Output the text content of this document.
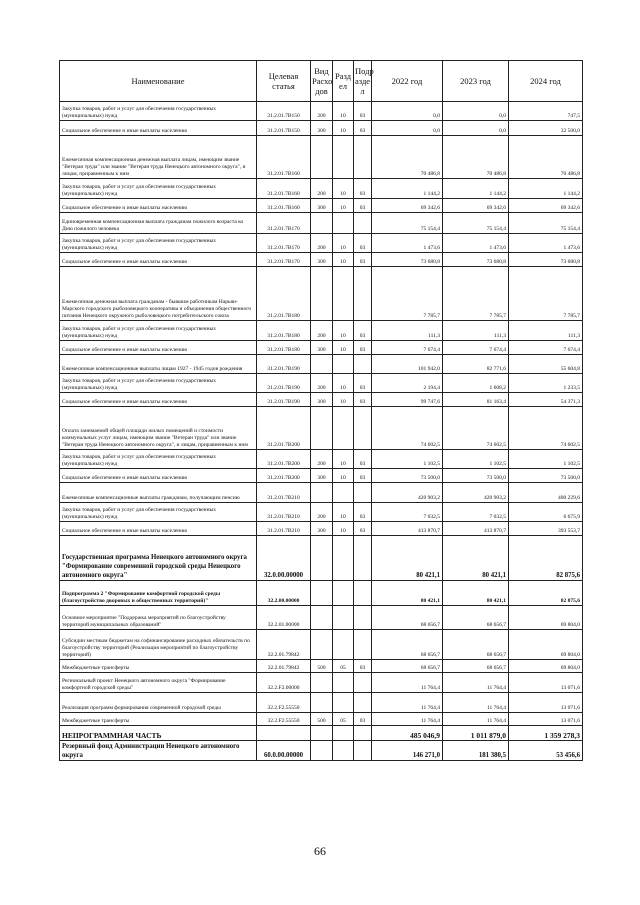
Наименование	Целевая статья	Вид Расхо дов	Разд ел	Подр азде л	2022 год	2023 год	2024 год
Закупка товаров, работ и услуг для обеспечения государственных (муниципальных) нужд	31.2.01.7В150	200	10	03	0,0	0,0	747,5
Социальное обеспечение и иные выплаты населению	31.2.01.7В150	300	10	03	0,0	0,0	32 500,0
Ежемесячная компенсационная денежная выплата лицам, имеющим звание "Ветеран труда" или звание "Ветеран труда Ненецкого автономного округа", и лицам, приравненным к ним	31.2.01.7В160				70 486,8	70 486,8	70 486,8
Закупка товаров, работ и услуг для обеспечения государственных (муниципальных) нужд	31.2.01.7В160	200	10	03	1 144,2	1 144,2	1 144,2
Социальное обеспечение и иные выплаты населению	31.2.01.7В160	300	10	03	69 342,6	69 342,6	69 342,6
Единовременная компенсационная выплата гражданам пожилого возраста ко Дню пожилого человека	31.2.01.7В170				75 154,4	75 154,4	75 154,4
Закупка товаров, работ и услуг для обеспечения государственных (муниципальных) нужд	31.2.01.7В170	200	10	03	1 473,6	1 473,6	1 473,6
Социальное обеспечение и иные выплаты населению	31.2.01.7В170	300	10	03	73 680,8	73 680,8	73 680,8
Ежемесячная денежная выплата гражданам - бывшим работникам Нарьян-Марского городского рыболовецкого кооператива и объединения общественного питания Ненецкого окружного рыболовецкого потребительского союза	31.2.01.7В180				7 785,7	7 785,7	7 785,7
Закупка товаров, работ и услуг для обеспечения государственных (муниципальных) нужд	31.2.01.7В180	200	10	03	111,3	111,3	111,3
Социальное обеспечение и иные выплаты населению	31.2.01.7В180	300	10	03	7 674,4	7 674,4	7 674,4
Ежемесячные компенсационные выплаты лицам 1927 - 1945 годов рождения	31.2.01.7В190				101 942,0	82 771,6	55 604,8
Закупка товаров, работ и услуг для обеспечения государственных (муниципальных) нужд	31.2.01.7В190	200	10	03	2 194,4	1 608,2	1 233,5
Социальное обеспечение и иные выплаты населению	31.2.01.7В190	300	10	03	99 747,6	81 163,4	54 371,3
Оплата занимаемой общей площади жилых помещений и стоимости коммунальных услуг лицам, имеющим звание "Ветеран труда" или звание "Ветеран труда Ненецкого автономного округа", и лицам, приравненным к ним	31.2.01.7В200				74 602,5	74 602,5	74 602,5
Закупка товаров, работ и услуг для обеспечения государственных (муниципальных) нужд	31.2.01.7В200	200	10	03	1 102,5	1 102,5	1 102,5
Социальное обеспечение и иные выплаты населению	31.2.01.7В200	300	10	03	73 500,0	73 500,0	73 500,0
Ежемесячные компенсационные выплаты гражданам, получающим пенсию	31.2.01.7В210				420 903,2	420 903,2	400 229,6
Закупка товаров, работ и услуг для обеспечения государственных (муниципальных) нужд	31.2.01.7В210	200	10	03	7 032,5	7 032,5	6 675,9
Социальное обеспечение и иные выплаты населению	31.2.01.7В210	300	10	03	413 870,7	413 870,7	393 553,7
Государственная программа Ненецкого автономного округа "Формирование современной городской среды Ненецкого автономного округа"	32.0.00.00000				80 421,1	80 421,1	82 875,6
Подпрограмма 2 "Формирование комфортной городской среды (благоустройство дворовых и общественных территорий)"	32.2.00.00000				80 421,1	80 421,1	82 875,6
Основное мероприятие "Поддержка мероприятий по благоустройству территорий муниципальных образований"	32.2.01.00000				68 656,7	68 656,7	69 804,0
Субсидии местным бюджетам на софинансирование расходных обязательств по благоустройству территорий (Реализация мероприятий по благоустройству территорий)	32.2.01.79842				68 656,7	68 656,7	69 804,0
Межбюджетные трансферты	32.2.01.79842	500	05	03	68 656,7	68 656,7	69 804,0
Региональный проект Ненецкого автономного округа "Формирование комфортной городской среды"	32.2.F2.00000				11 764,4	11 764,4	13 071,6
Реализация программ формирования современной городской среды	32.2.F2.55550				11 764,4	11 764,4	13 071,6
Межбюджетные трансферты	32.2.F2.55550	500	05	03	11 764,4	11 764,4	13 071,6
НЕПРОГРАММНАЯ ЧАСТЬ					485 046,9	1 011 879,0	1 359 278,3
Резервный фонд Администрации Ненецкого автономного округа	60.0.00.00000				146 271,0	181 380,5	53 456,6
66
